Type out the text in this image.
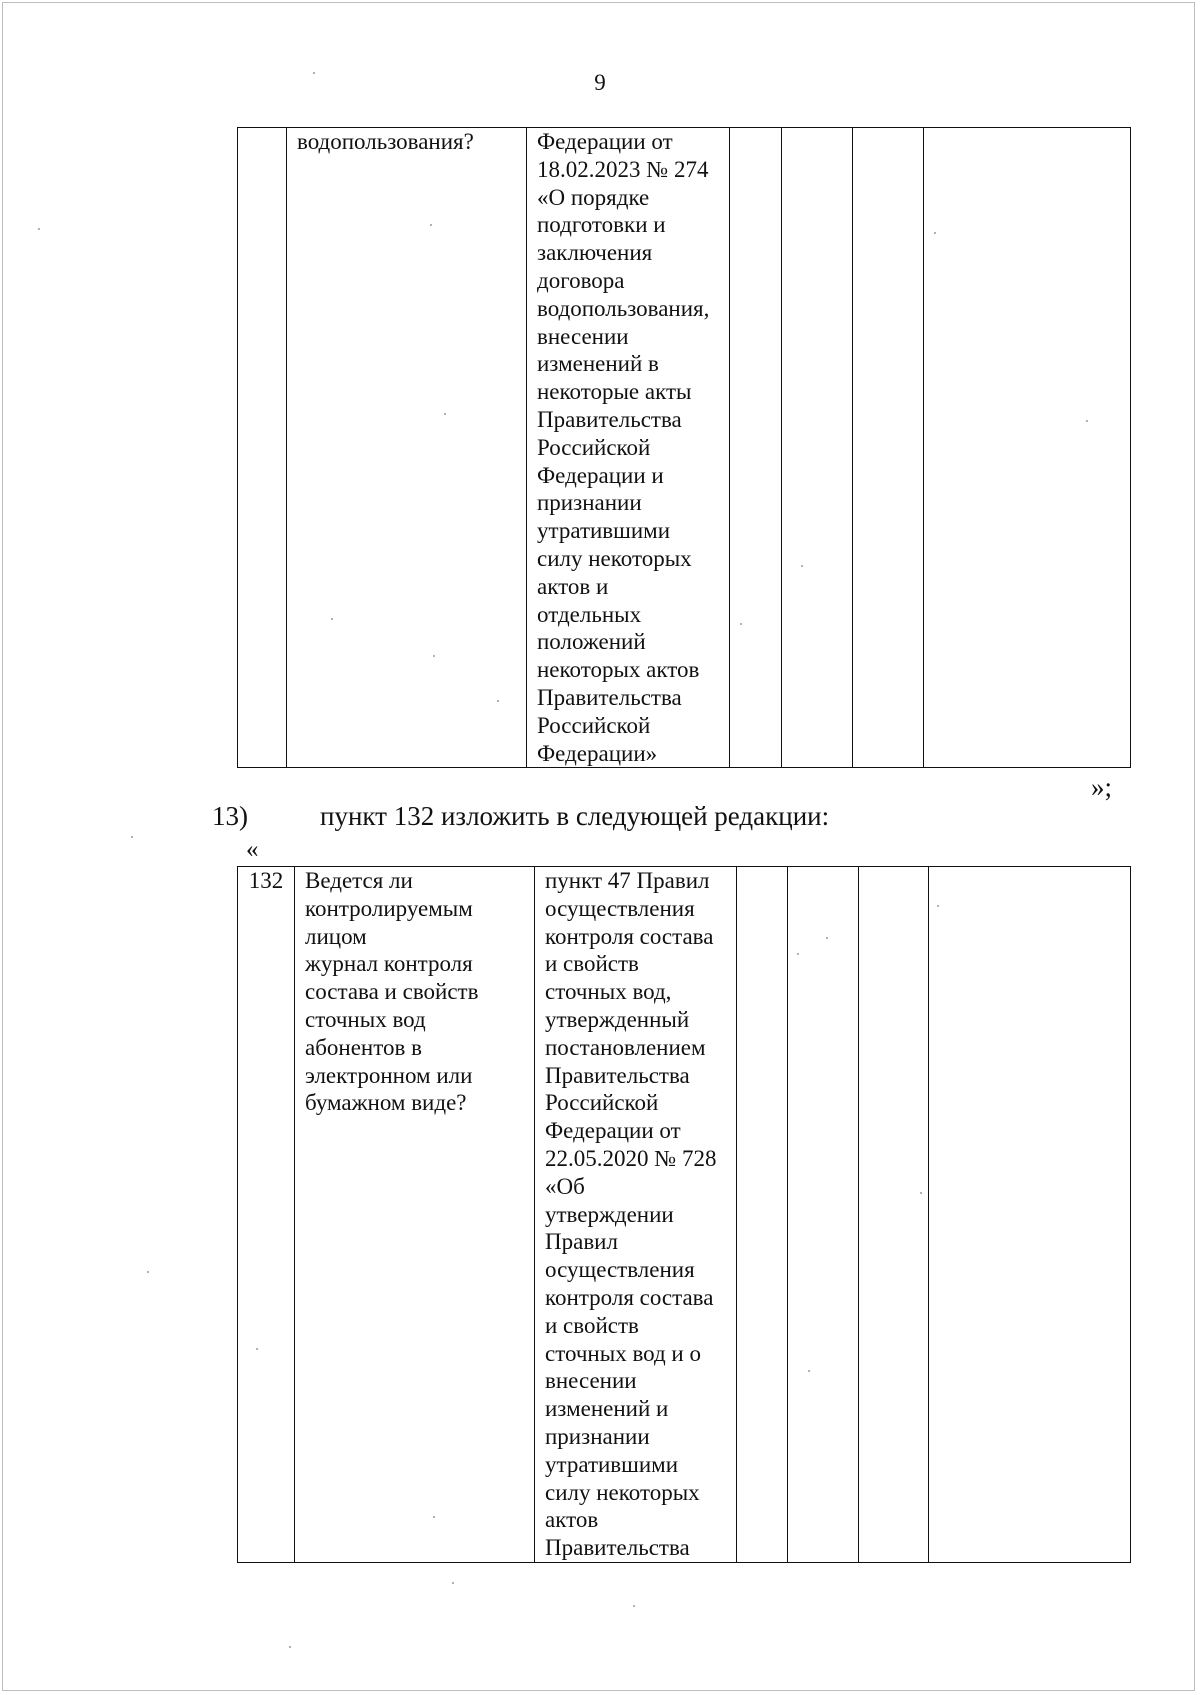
9
	водопользования?	Федерации от
18.02.2023 № 274
«О порядке
подготовки и
заключения
договора
водопользования,
внесении
изменений в
некоторые акты
Правительства
Российской
Федерации и
признании
утратившими
силу некоторых
актов и
отдельных
положений
некоторых актов
Правительства
Российской
Федерации»				
»;
13)	пункт 132 изложить в следующей редакции:
«
132	Ведется ли
контролируемым
лицом
журнал контроля
состава и свойств
сточных вод
абонентов в
электронном или
бумажном виде?	пункт 47 Правил
осуществления
контроля состава
и свойств
сточных вод,
утвержденный
постановлением
Правительства
Российской
Федерации от
22.05.2020 № 728
«Об
утверждении
Правил
осуществления
контроля состава
и свойств
сточных вод и о
внесении
изменений и
признании
утратившими
силу некоторых
актов
Правительства				
